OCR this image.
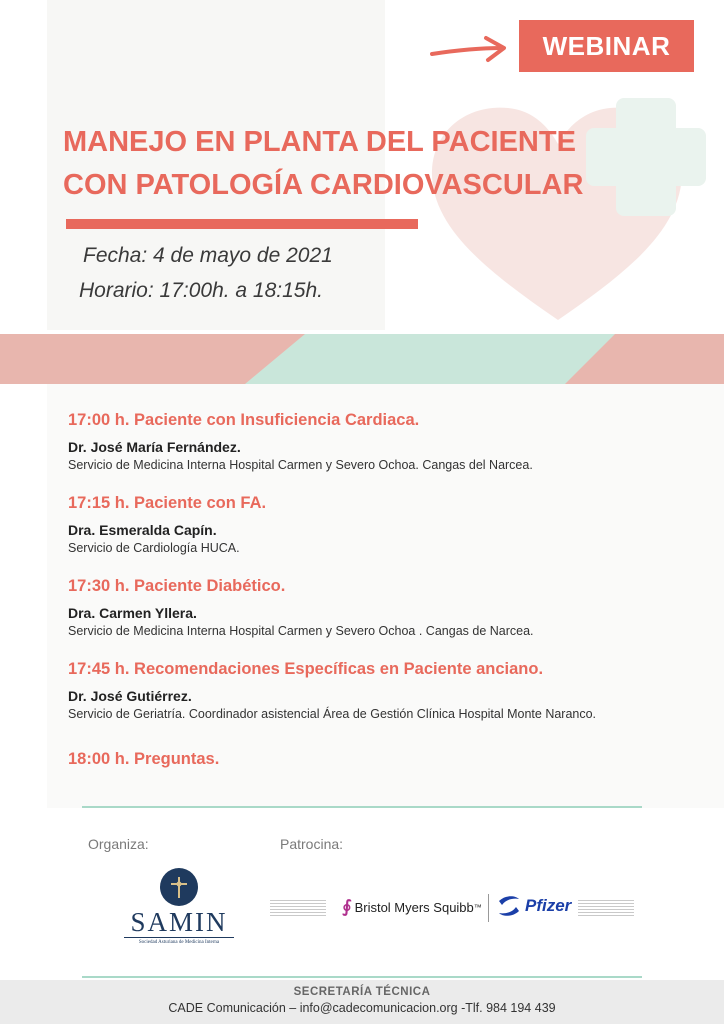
WEBINAR
MANEJO EN PLANTA DEL PACIENTE
CON PATOLOGÍA CARDIOVASCULAR
Fecha: 4 de mayo de 2021
Horario: 17:00h. a 18:15h.
17:00 h. Paciente con Insuficiencia Cardiaca.
Dr. José María Fernández.
Servicio de Medicina Interna Hospital Carmen y Severo Ochoa. Cangas del Narcea.
17:15 h. Paciente con FA.
Dra. Esmeralda Capín.
Servicio de Cardiología HUCA.
17:30 h. Paciente Diabético.
Dra. Carmen Yllera.
Servicio de Medicina Interna Hospital Carmen y Severo Ochoa . Cangas de Narcea.
17:45 h. Recomendaciones Específicas en Paciente anciano.
Dr. José Gutiérrez.
Servicio de Geriatría. Coordinador asistencial Área de Gestión Clínica Hospital Monte Naranco.
18:00 h. Preguntas.
Organiza:	Patrocina:
SAMIN
Sociedad Asturiana de Medicina Interna
∮ Bristol Myers Squibb ™	Pfizer
SECRETARÍA TÉCNICA
CADE Comunicación – info@cadecomunicacion.org -Tlf. 984 194 439
